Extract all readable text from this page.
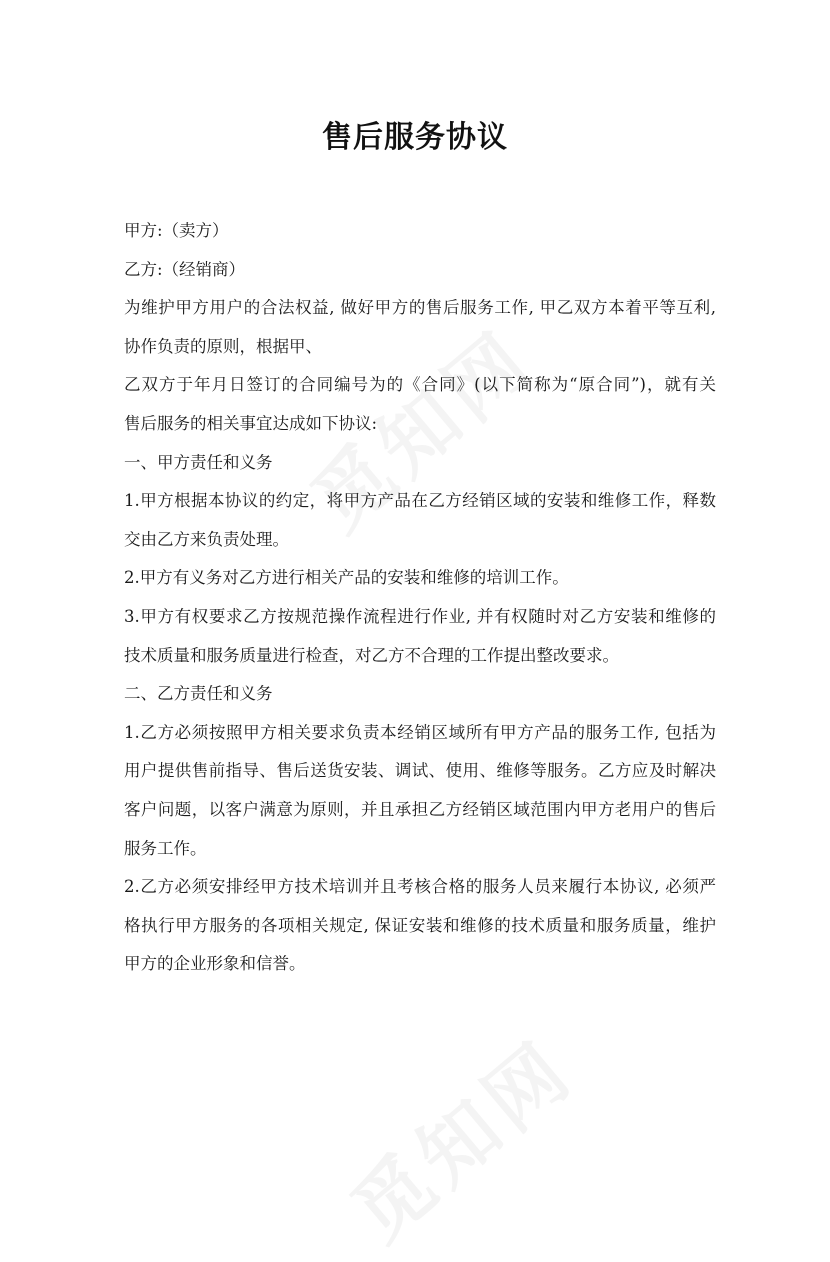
售后服务协议
甲方:（卖方）
乙方:（经销商）
为维护甲方用户的合法权益, 做好甲方的售后服务工作, 甲乙双方本着平等互利,
协作负责的原则，根据甲、
乙双方于年月日签订的合同编号为的《合同》(以下简称为“原合同”)，就有关
售后服务的相关事宜达成如下协议:
一、甲方责任和义务
1.甲方根据本协议的约定，将甲方产品在乙方经销区域的安装和维修工作，释数
交由乙方来负责处理。
2.甲方有义务对乙方进行相关产品的安装和维修的培训工作。
3.甲方有权要求乙方按规范操作流程进行作业, 并有权随时对乙方安装和维修的
技术质量和服务质量进行检查，对乙方不合理的工作提出整改要求。
二、乙方责任和义务
1.乙方必须按照甲方相关要求负责本经销区域所有甲方产品的服务工作, 包括为
用户提供售前指导、售后送货安装、调试、使用、维修等服务。乙方应及时解决
客户问题，以客户满意为原则，并且承担乙方经销区域范围内甲方老用户的售后
服务工作。
2.乙方必须安排经甲方技术培训并且考核合格的服务人员来履行本协议, 必须严
格执行甲方服务的各项相关规定, 保证安装和维修的技术质量和服务质量，维护
甲方的企业形象和信誉。
